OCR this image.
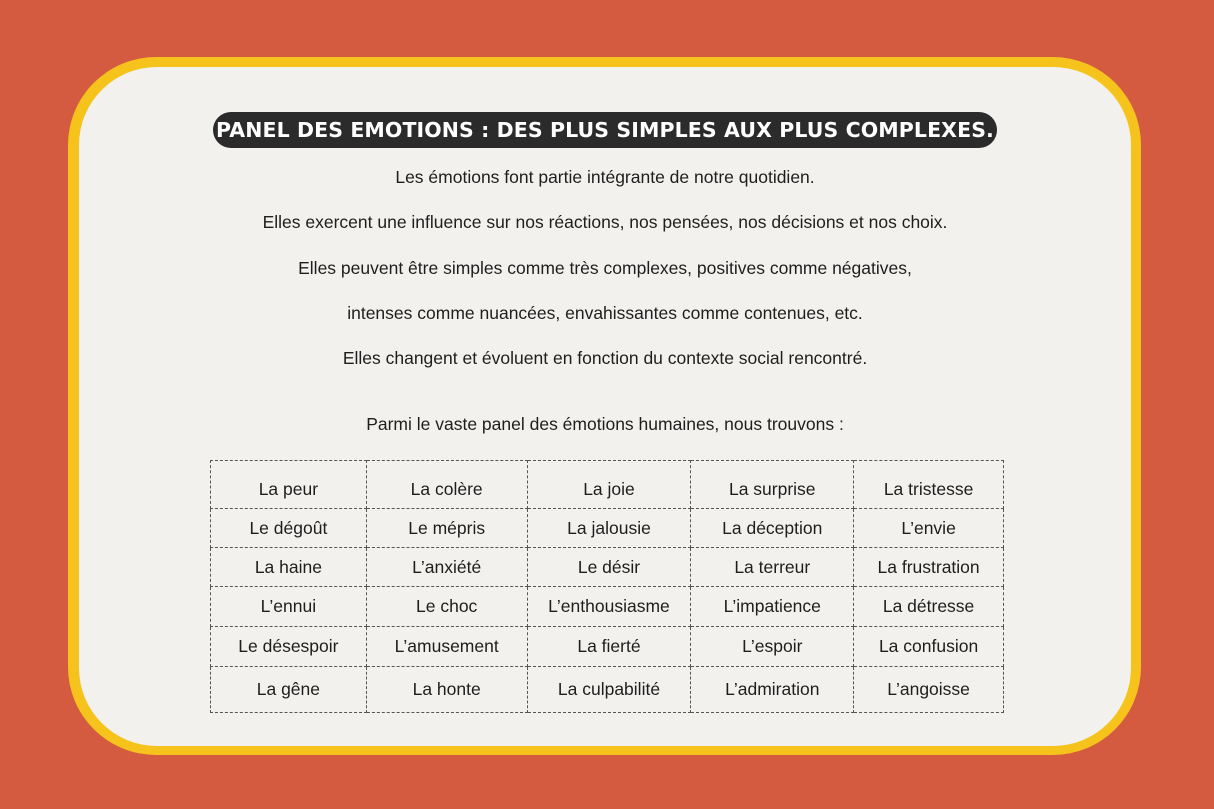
PANEL DES EMOTIONS : DES PLUS SIMPLES AUX PLUS COMPLEXES.

Les émotions font partie intégrante de notre quotidien.

Elles exercent une influence sur nos réactions, nos pensées, nos décisions et nos choix.

Elles peuvent être simples comme très complexes, positives comme négatives,

intenses comme nuancées, envahissantes comme contenues, etc.

Elles changent et évoluent en fonction du contexte social rencontré.

Parmi le vaste panel des émotions humaines, nous trouvons :

La peur	La colère	La joie	La surprise	La tristesse
Le dégoût	Le mépris	La jalousie	La déception	L’envie
La haine	L’anxiété	Le désir	La terreur	La frustration
L’ennui	Le choc	L’enthousiasme	L’impatience	La détresse
Le désespoir	L’amusement	La fierté	L’espoir	La confusion
La gêne	La honte	La culpabilité	L’admiration	L’angoisse
